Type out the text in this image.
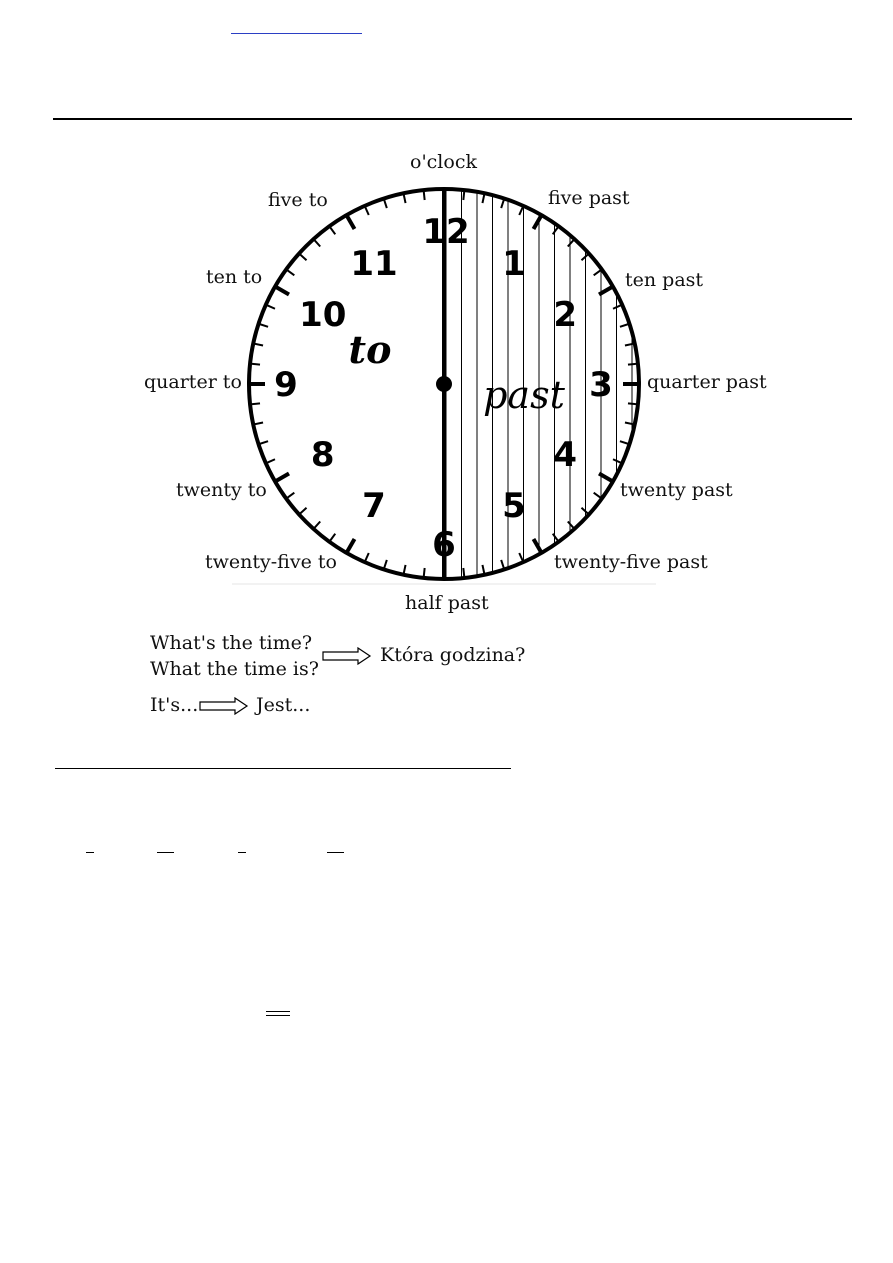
12
1
2
3
4
5
6
7
8
9
10
11
to
past
o'clock
five past
ten past
quarter past
twenty past
twenty-five past
half past
twenty-five to
twenty to
quarter to
ten to
five to
What's the time?
What the time is?
Która godzina?
It's...	Jest...
